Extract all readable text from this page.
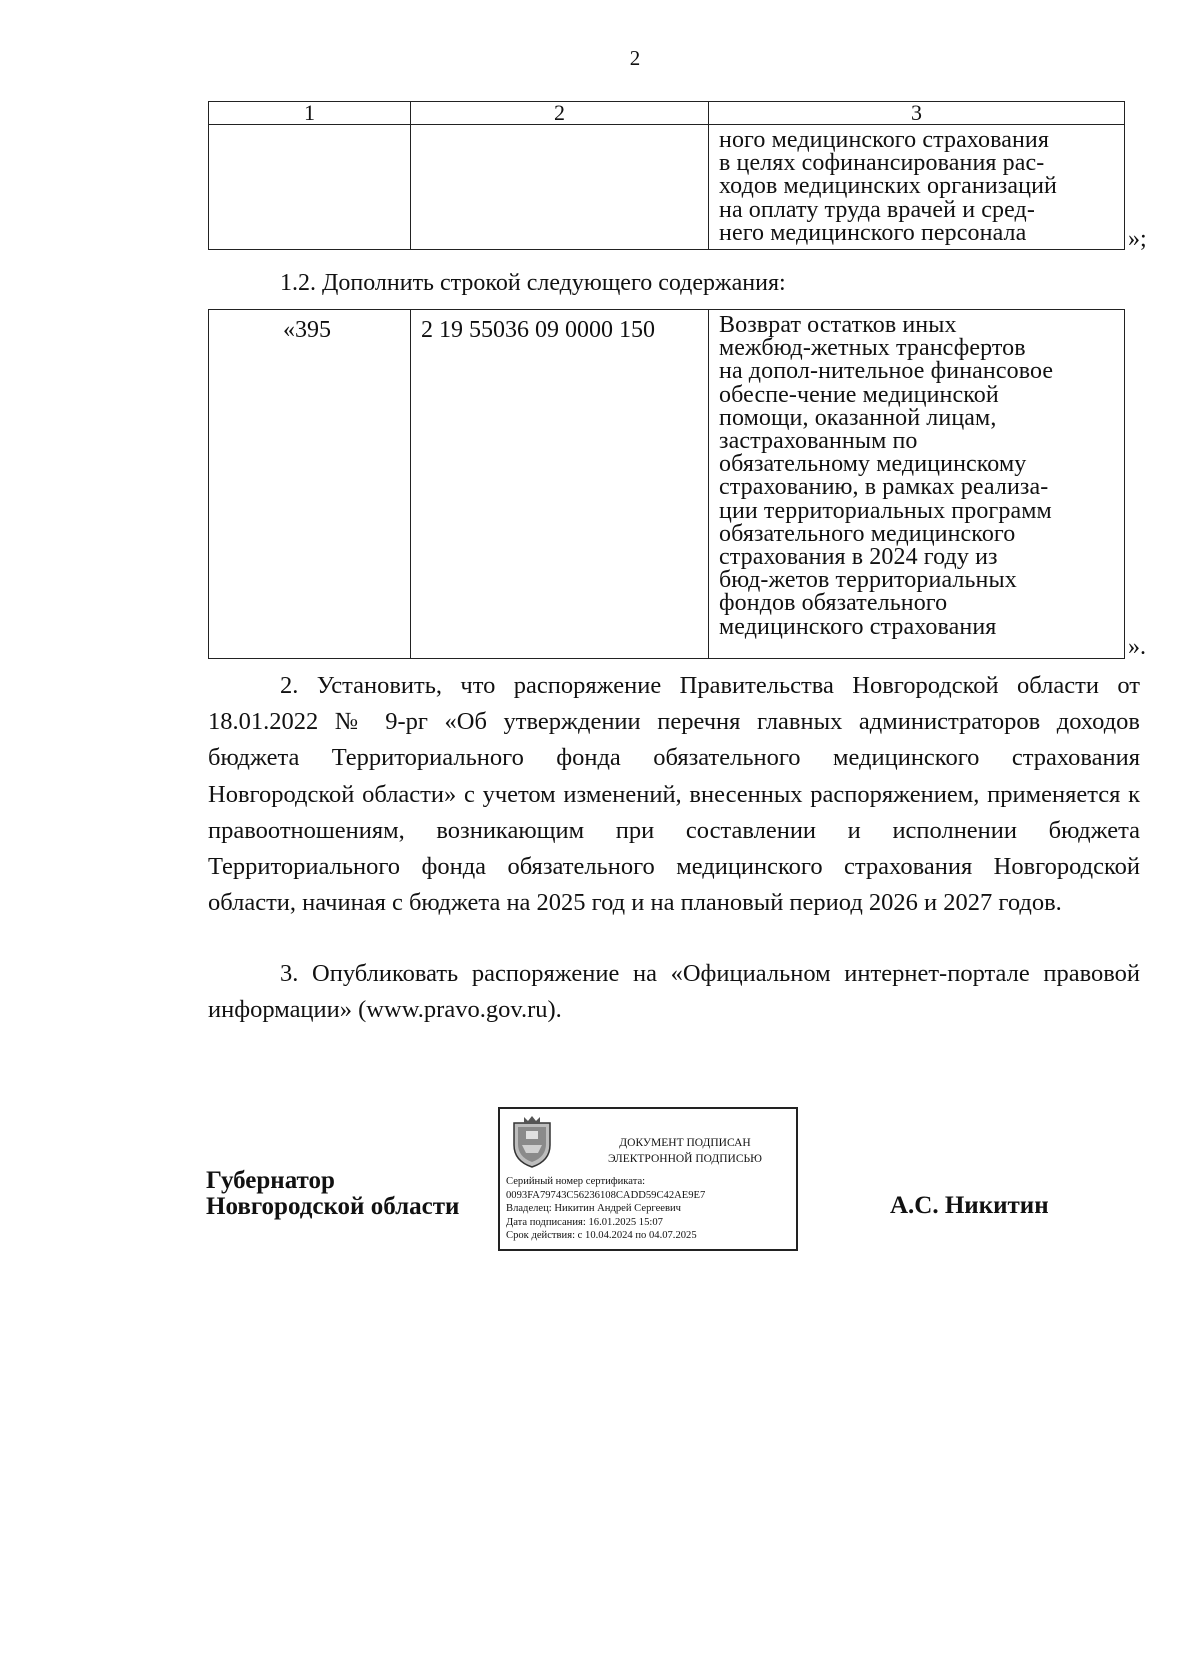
2
1	2	3

		ного медицинского страхования
в целях софинансирования рас-
ходов медицинских организаций
на оплату труда врачей и сред-
него медицинского персонала	»;
1.2. Дополнить строкой следующего содержания:
«395	2 19 55036 09 0000 150	Возврат остатков иных
межбюд-жетных трансфертов
на допол-нительное финансовое
обеспе-чение медицинской
помощи, оказанной лицам,
застрахованным по
обязательному медицинскому
страхованию, в рамках реализа-
ции территориальных программ
обязательного медицинского
страхования в 2024 году из
бюд-жетов территориальных
фондов обязательного
медицинского страхования
».
2. Установить, что распоряжение Правительства Новгородской области от 18.01.2022 № 9-рг «Об утверждении перечня главных администраторов доходов бюджета Территориального фонда обязательного медицинского страхования Новгородской области» с учетом изменений, внесенных распоряжением, применяется к правоотношениям, возникающим при составлении и исполнении бюджета Территориального фонда обязательного медицинского страхования Новгородской области, начиная с бюджета на 2025 год и на плановый период 2026 и 2027 годов.
3. Опубликовать распоряжение на «Официальном интернет-портале правовой информации» (www.pravo.gov.ru).
Губернатор
Новгородской области
ДОКУМЕНТ ПОДПИСАН
ЭЛЕКТРОННОЙ ПОДПИСЬЮ
Серийный номер сертификата:
0093FA79743C56236108CADD59C42AE9E7
Владелец: Никитин Андрей Сергеевич
Дата подписания: 16.01.2025 15:07
Срок действия: с 10.04.2024 по 04.07.2025
А.С. Никитин
